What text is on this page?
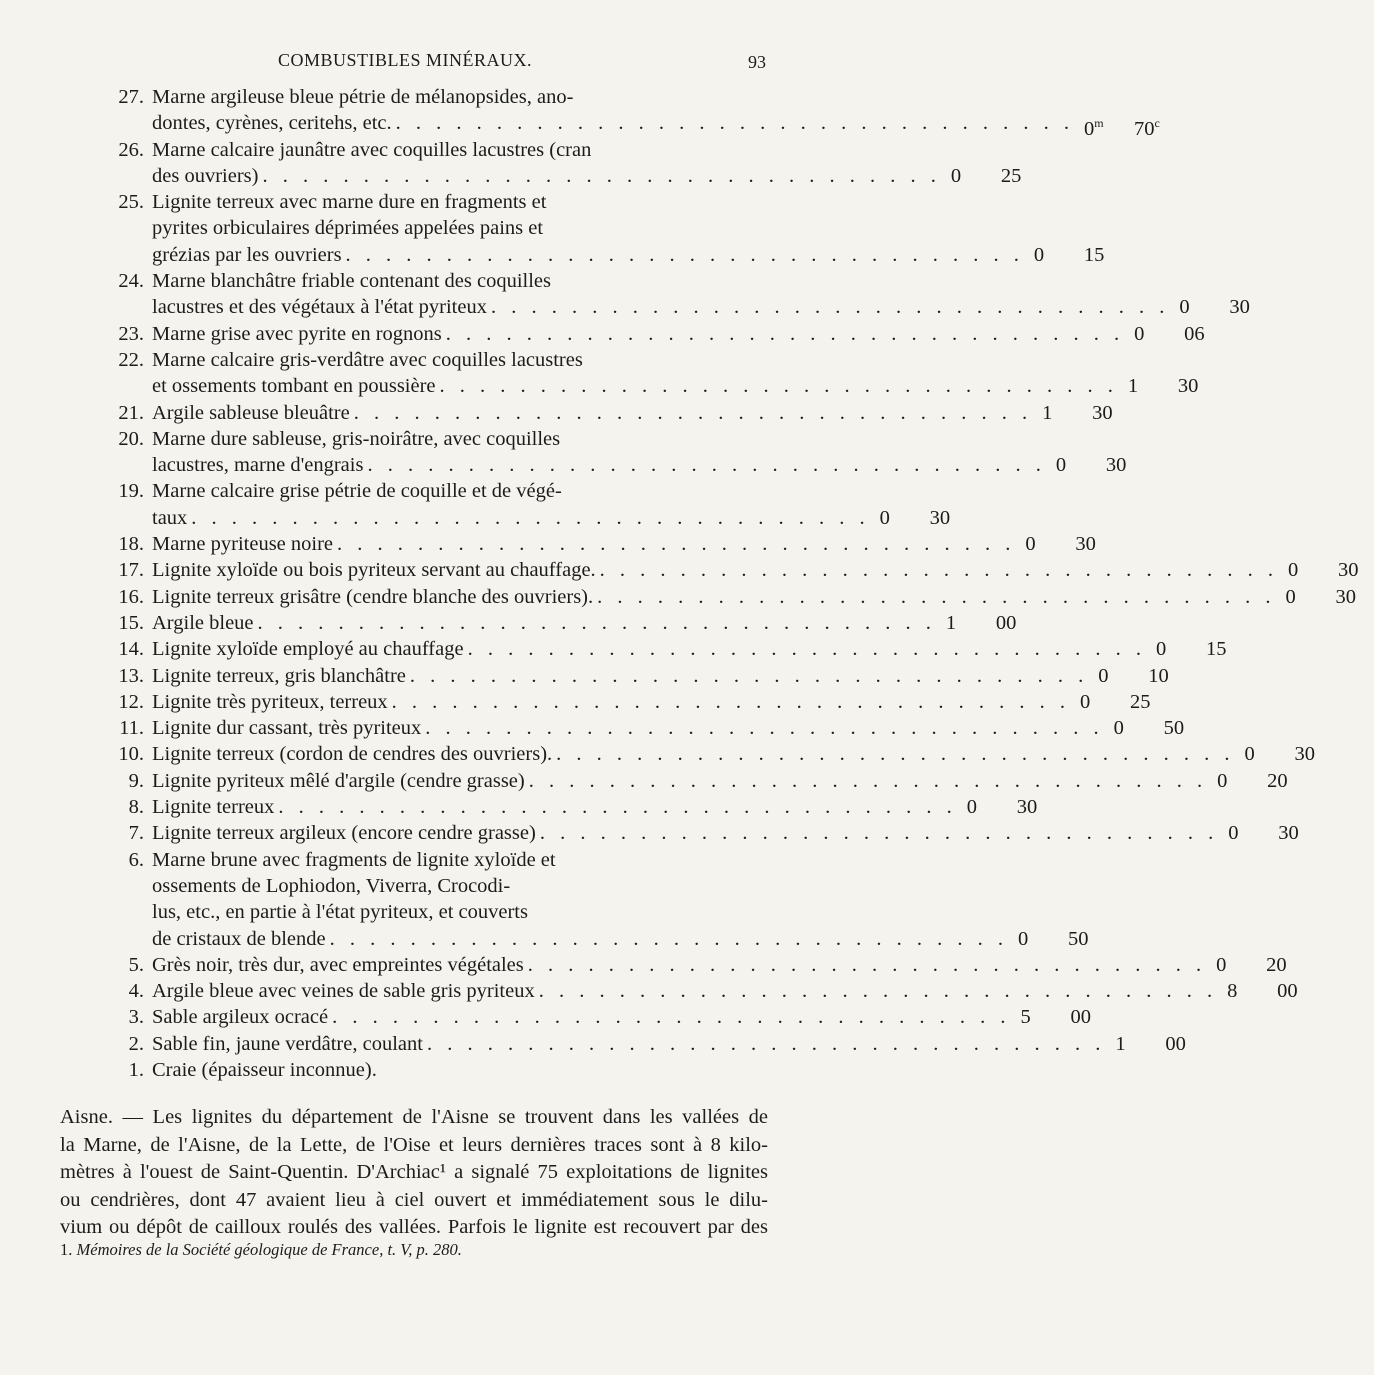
COMBUSTIBLES MINÉRAUX.	93
27. Marne argileuse bleue pétrie de mélanopsides, ano-
dontes, cyrènes, ceritehs, etc. . . . . . . . . . . . . . . . . . . . . . . . . . . . . . . . . . . 0$^m$	70$^c$
26. Marne calcaire jaunâtre avec coquilles lacustres (cran
des ouvriers) . . . . . . . . . . . . . . . . . . . . . . . . . . . . . . . . . . 0	25
25. Lignite terreux avec marne dure en fragments et
pyrites orbiculaires déprimées appelées pains et
grézias par les ouvriers . . . . . . . . . . . . . . . . . . . . . . . . . . . . . . . . . . 0	15
24. Marne blanchâtre friable contenant des coquilles
lacustres et des végétaux à l'état pyriteux . . . . . . . . . . . . . . . . . . . . . . . . . . . . . . . . . . 0	30
23. Marne grise avec pyrite en rognons . . . . . . . . . . . . . . . . . . . . . . . . . . . . . . . . . . 0	06
22. Marne calcaire gris-verdâtre avec coquilles lacustres
et ossements tombant en poussière . . . . . . . . . . . . . . . . . . . . . . . . . . . . . . . . . . 1	30
21. Argile sableuse bleuâtre . . . . . . . . . . . . . . . . . . . . . . . . . . . . . . . . . . 1	30
20. Marne dure sableuse, gris-noirâtre, avec coquilles
lacustres, marne d'engrais . . . . . . . . . . . . . . . . . . . . . . . . . . . . . . . . . . 0	30
19. Marne calcaire grise pétrie de coquille et de végé-
taux . . . . . . . . . . . . . . . . . . . . . . . . . . . . . . . . . . 0	30
18. Marne pyriteuse noire . . . . . . . . . . . . . . . . . . . . . . . . . . . . . . . . . . 0	30
17. Lignite xyloïde ou bois pyriteux servant au chauffage. . . . . . . . . . . . . . . . . . . . . . . . . . . . . . . . . . . 0	30
16. Lignite terreux grisâtre (cendre blanche des ouvriers). . . . . . . . . . . . . . . . . . . . . . . . . . . . . . . . . . . 0	30
15. Argile bleue . . . . . . . . . . . . . . . . . . . . . . . . . . . . . . . . . . 1	00
14. Lignite xyloïde employé au chauffage . . . . . . . . . . . . . . . . . . . . . . . . . . . . . . . . . . 0	15
13. Lignite terreux, gris blanchâtre . . . . . . . . . . . . . . . . . . . . . . . . . . . . . . . . . . 0	10
12. Lignite très pyriteux, terreux . . . . . . . . . . . . . . . . . . . . . . . . . . . . . . . . . . 0	25
11. Lignite dur cassant, très pyriteux . . . . . . . . . . . . . . . . . . . . . . . . . . . . . . . . . . 0	50
10. Lignite terreux (cordon de cendres des ouvriers). . . . . . . . . . . . . . . . . . . . . . . . . . . . . . . . . . . 0	30
9. Lignite pyriteux mêlé d'argile (cendre grasse) . . . . . . . . . . . . . . . . . . . . . . . . . . . . . . . . . . 0	20
8. Lignite terreux . . . . . . . . . . . . . . . . . . . . . . . . . . . . . . . . . . 0	30
7. Lignite terreux argileux (encore cendre grasse) . . . . . . . . . . . . . . . . . . . . . . . . . . . . . . . . . . 0	30
6. Marne brune avec fragments de lignite xyloïde et
ossements de Lophiodon, Viverra, Crocodi-
lus, etc., en partie à l'état pyriteux, et couverts
de cristaux de blende . . . . . . . . . . . . . . . . . . . . . . . . . . . . . . . . . . 0	50
5. Grès noir, très dur, avec empreintes végétales . . . . . . . . . . . . . . . . . . . . . . . . . . . . . . . . . . 0	20
4. Argile bleue avec veines de sable gris pyriteux . . . . . . . . . . . . . . . . . . . . . . . . . . . . . . . . . . 8	00
3. Sable argileux ocracé . . . . . . . . . . . . . . . . . . . . . . . . . . . . . . . . . . 5	00
2. Sable fin, jaune verdâtre, coulant . . . . . . . . . . . . . . . . . . . . . . . . . . . . . . . . . . 1	00
1. Craie (épaisseur inconnue).
Aisne. — Les lignites du département de l'Aisne se trouvent dans les vallées de
la Marne, de l'Aisne, de la Lette, de l'Oise et leurs dernières traces sont à 8 kilo-
mètres à l'ouest de Saint-Quentin. D'Archiac¹ a signalé 75 exploitations de lignites
ou cendrières, dont 47 avaient lieu à ciel ouvert et immédiatement sous le dilu-
vium ou dépôt de cailloux roulés des vallées. Parfois le lignite est recouvert par des
1. Mémoires de la Société géologique de France, t. V, p. 280.
